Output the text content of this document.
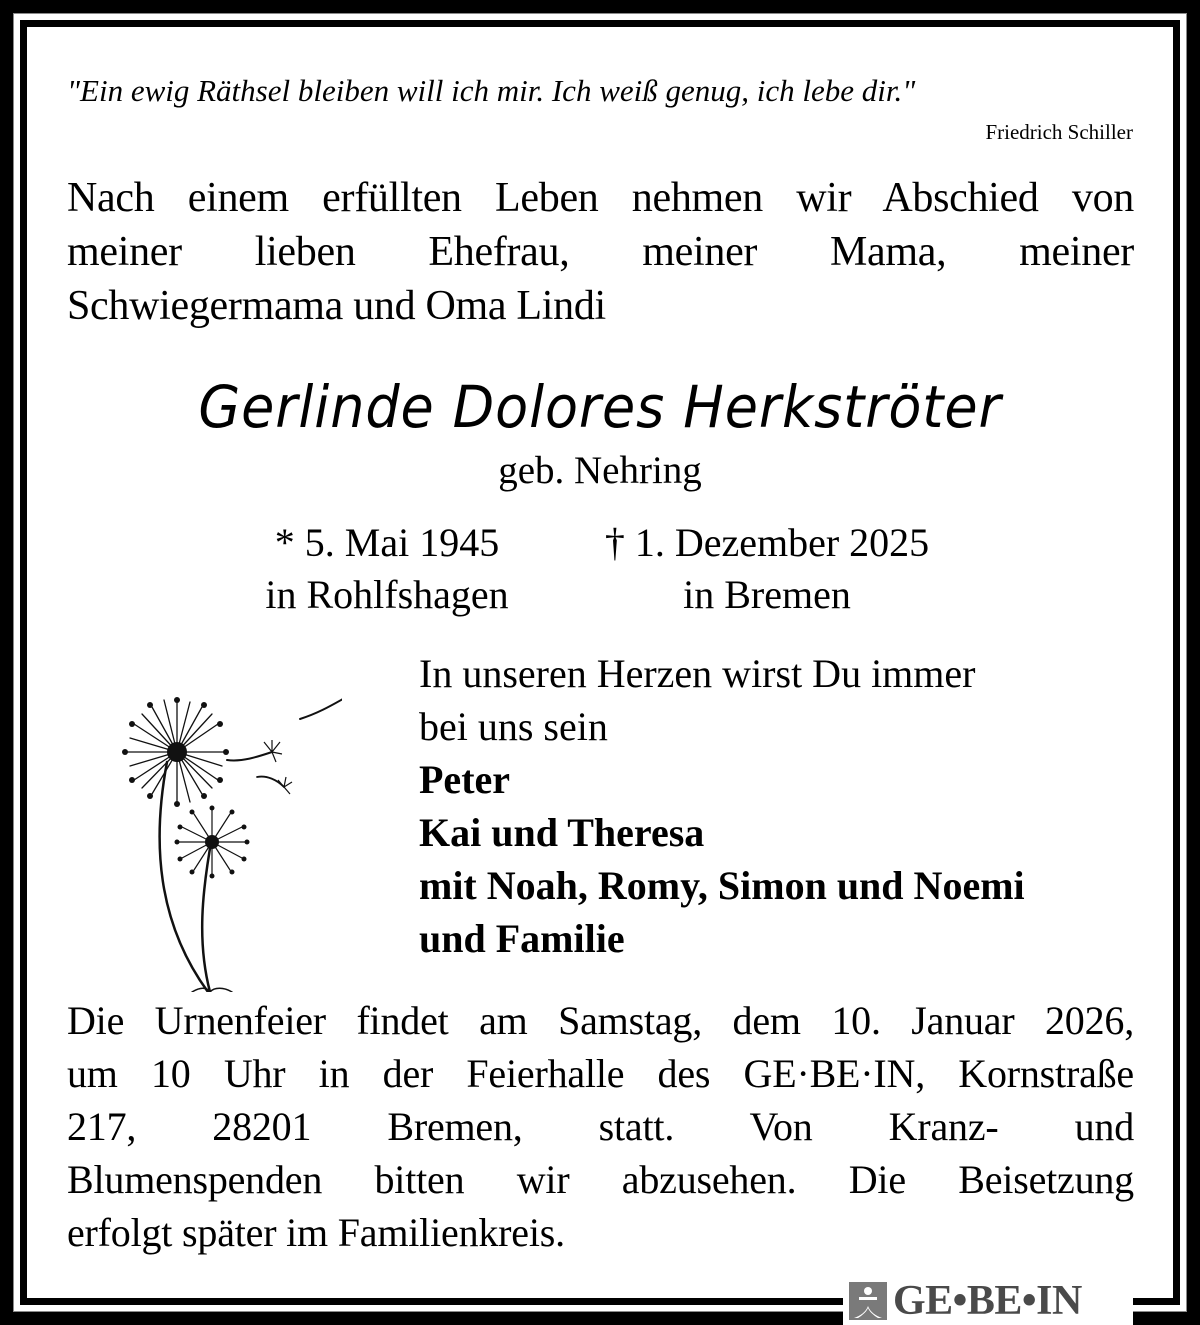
"Ein ewig Räthsel bleiben will ich mir. Ich weiß genug, ich lebe dir."
Friedrich Schiller
Nach einem erfüllten Leben nehmen wir Abschied von
meiner lieben Ehefrau, meiner Mama, meiner
Schwiegermama und Oma Lindi
Gerlinde Dolores Herkströter
geb. Nehring
* 5. Mai 1945
in Rohlfshagen
† 1. Dezember 2025
in Bremen
In unseren Herzen wirst Du immer
bei uns sein
Peter
Kai und Theresa
mit Noah, Romy, Simon und Noemi
und Familie
Die Urnenfeier findet am Samstag, dem 10. Januar 2026,
um 10 Uhr in der Feierhalle des GE·BE·IN, Kornstraße
217, 28201 Bremen, statt. Von Kranz- und
Blumenspenden bitten wir abzusehen. Die Beisetzung
erfolgt später im Familienkreis.
GE•BE•IN
